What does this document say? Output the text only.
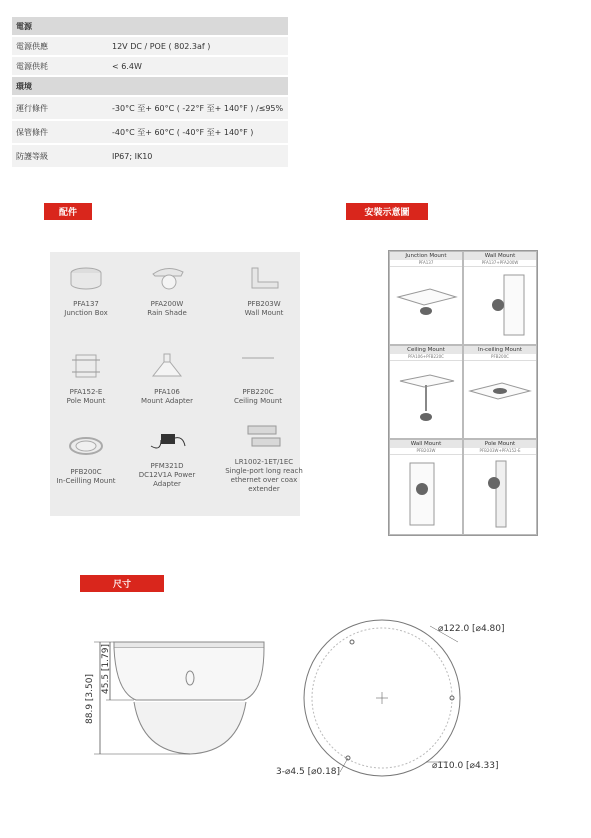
電源	
電源供應	12V DC / POE ( 802.3af )
電源供耗	< 6.4W
環境	
運行條件	-30°C 至+ 60°C ( -22°F 至+ 140°F ) /≤95%
保管條件	-40°C 至+ 60°C ( -40°F 至+ 140°F )
防護等級	IP67; IK10
配件	安裝示意圖
尺寸
PFA137
Junction Box
PFA200W
Rain Shade
PFB203W
Wall Mount
PFA152-E
Pole Mount
PFA106
Mount Adapter
PFB220C
Ceiling Mount
PFB200C
In-Ceilling Mount
PFM321D
DC12V1A Power Adapter
LR1002-1ET/1EC
Single-port long reach ethernet over coax extender
Junction Mount
PFA137
Wall Mount
PFA137+PFA200W
Ceiling Mount
PFA106+PFB220C
In-ceiling Mount
PFB200C
Wall Mount
PFB203W
Pole Mount
PFB203W+PFA152-E
88.9 [3.50]
45.5 [1.79]
⌀122.0 [⌀4.80]
⌀110.0 [⌀4.33]
3-⌀4.5 [⌀0.18]
